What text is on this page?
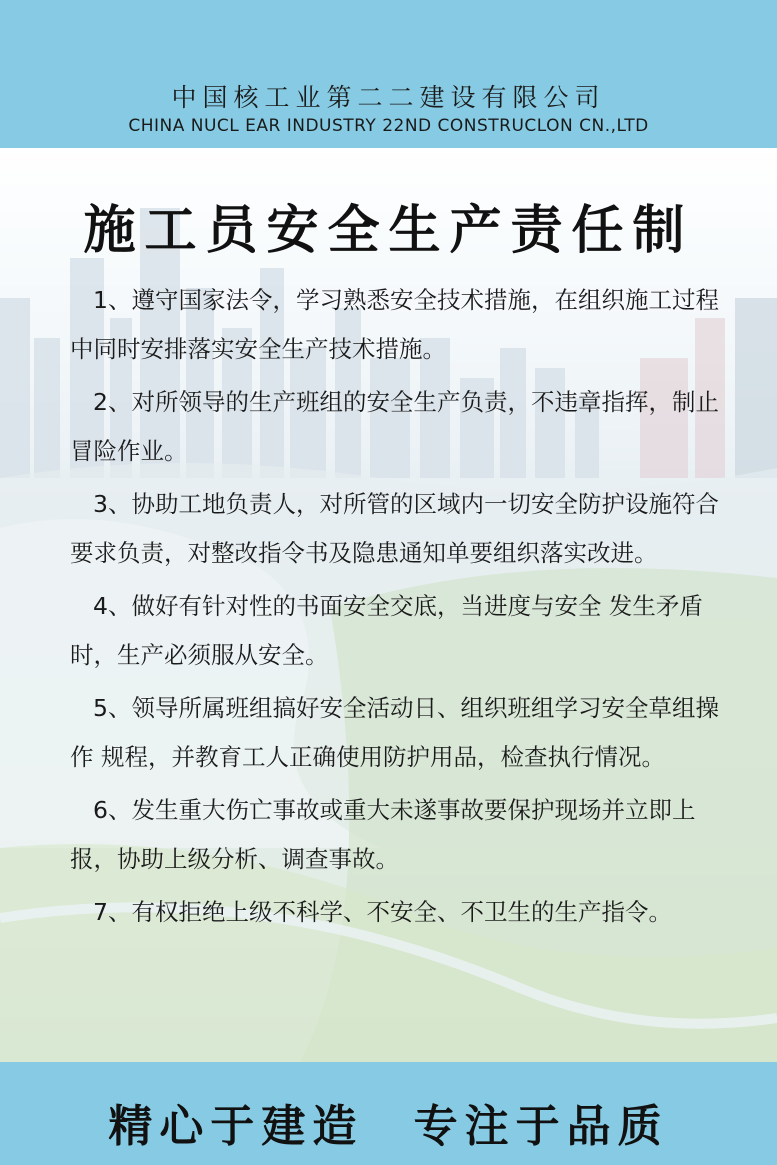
中国核工业第二二建设有限公司
CHINA NUCL EAR INDUSTRY 22ND CONSTRUCLON CN.,LTD
施工员安全生产责任制

1、遵守国家法令，学习熟悉安全技术措施，在组织施工过程中同时安排落实安全生产技术措施。

2、对所领导的生产班组的安全生产负责，不违章指挥，制止冒险作业。

3、协助工地负责人，对所管的区域内一切安全防护设施符合要求负责，对整改指令书及隐患通知单要组织落实改进。

4、做好有针对性的书面安全交底，当进度与安全 发生矛盾时，生产必须服从安全。

5、领导所属班组搞好安全活动日、组织班组学习安全草组操作 规程，并教育工人正确使用防护用品，检查执行情况。

6、发生重大伤亡事故或重大未遂事故要保护现场并立即上报，协助上级分析、调查事故。

7、有权拒绝上级不科学、不安全、不卫生的生产指令。

精心于建造 专注于品质
